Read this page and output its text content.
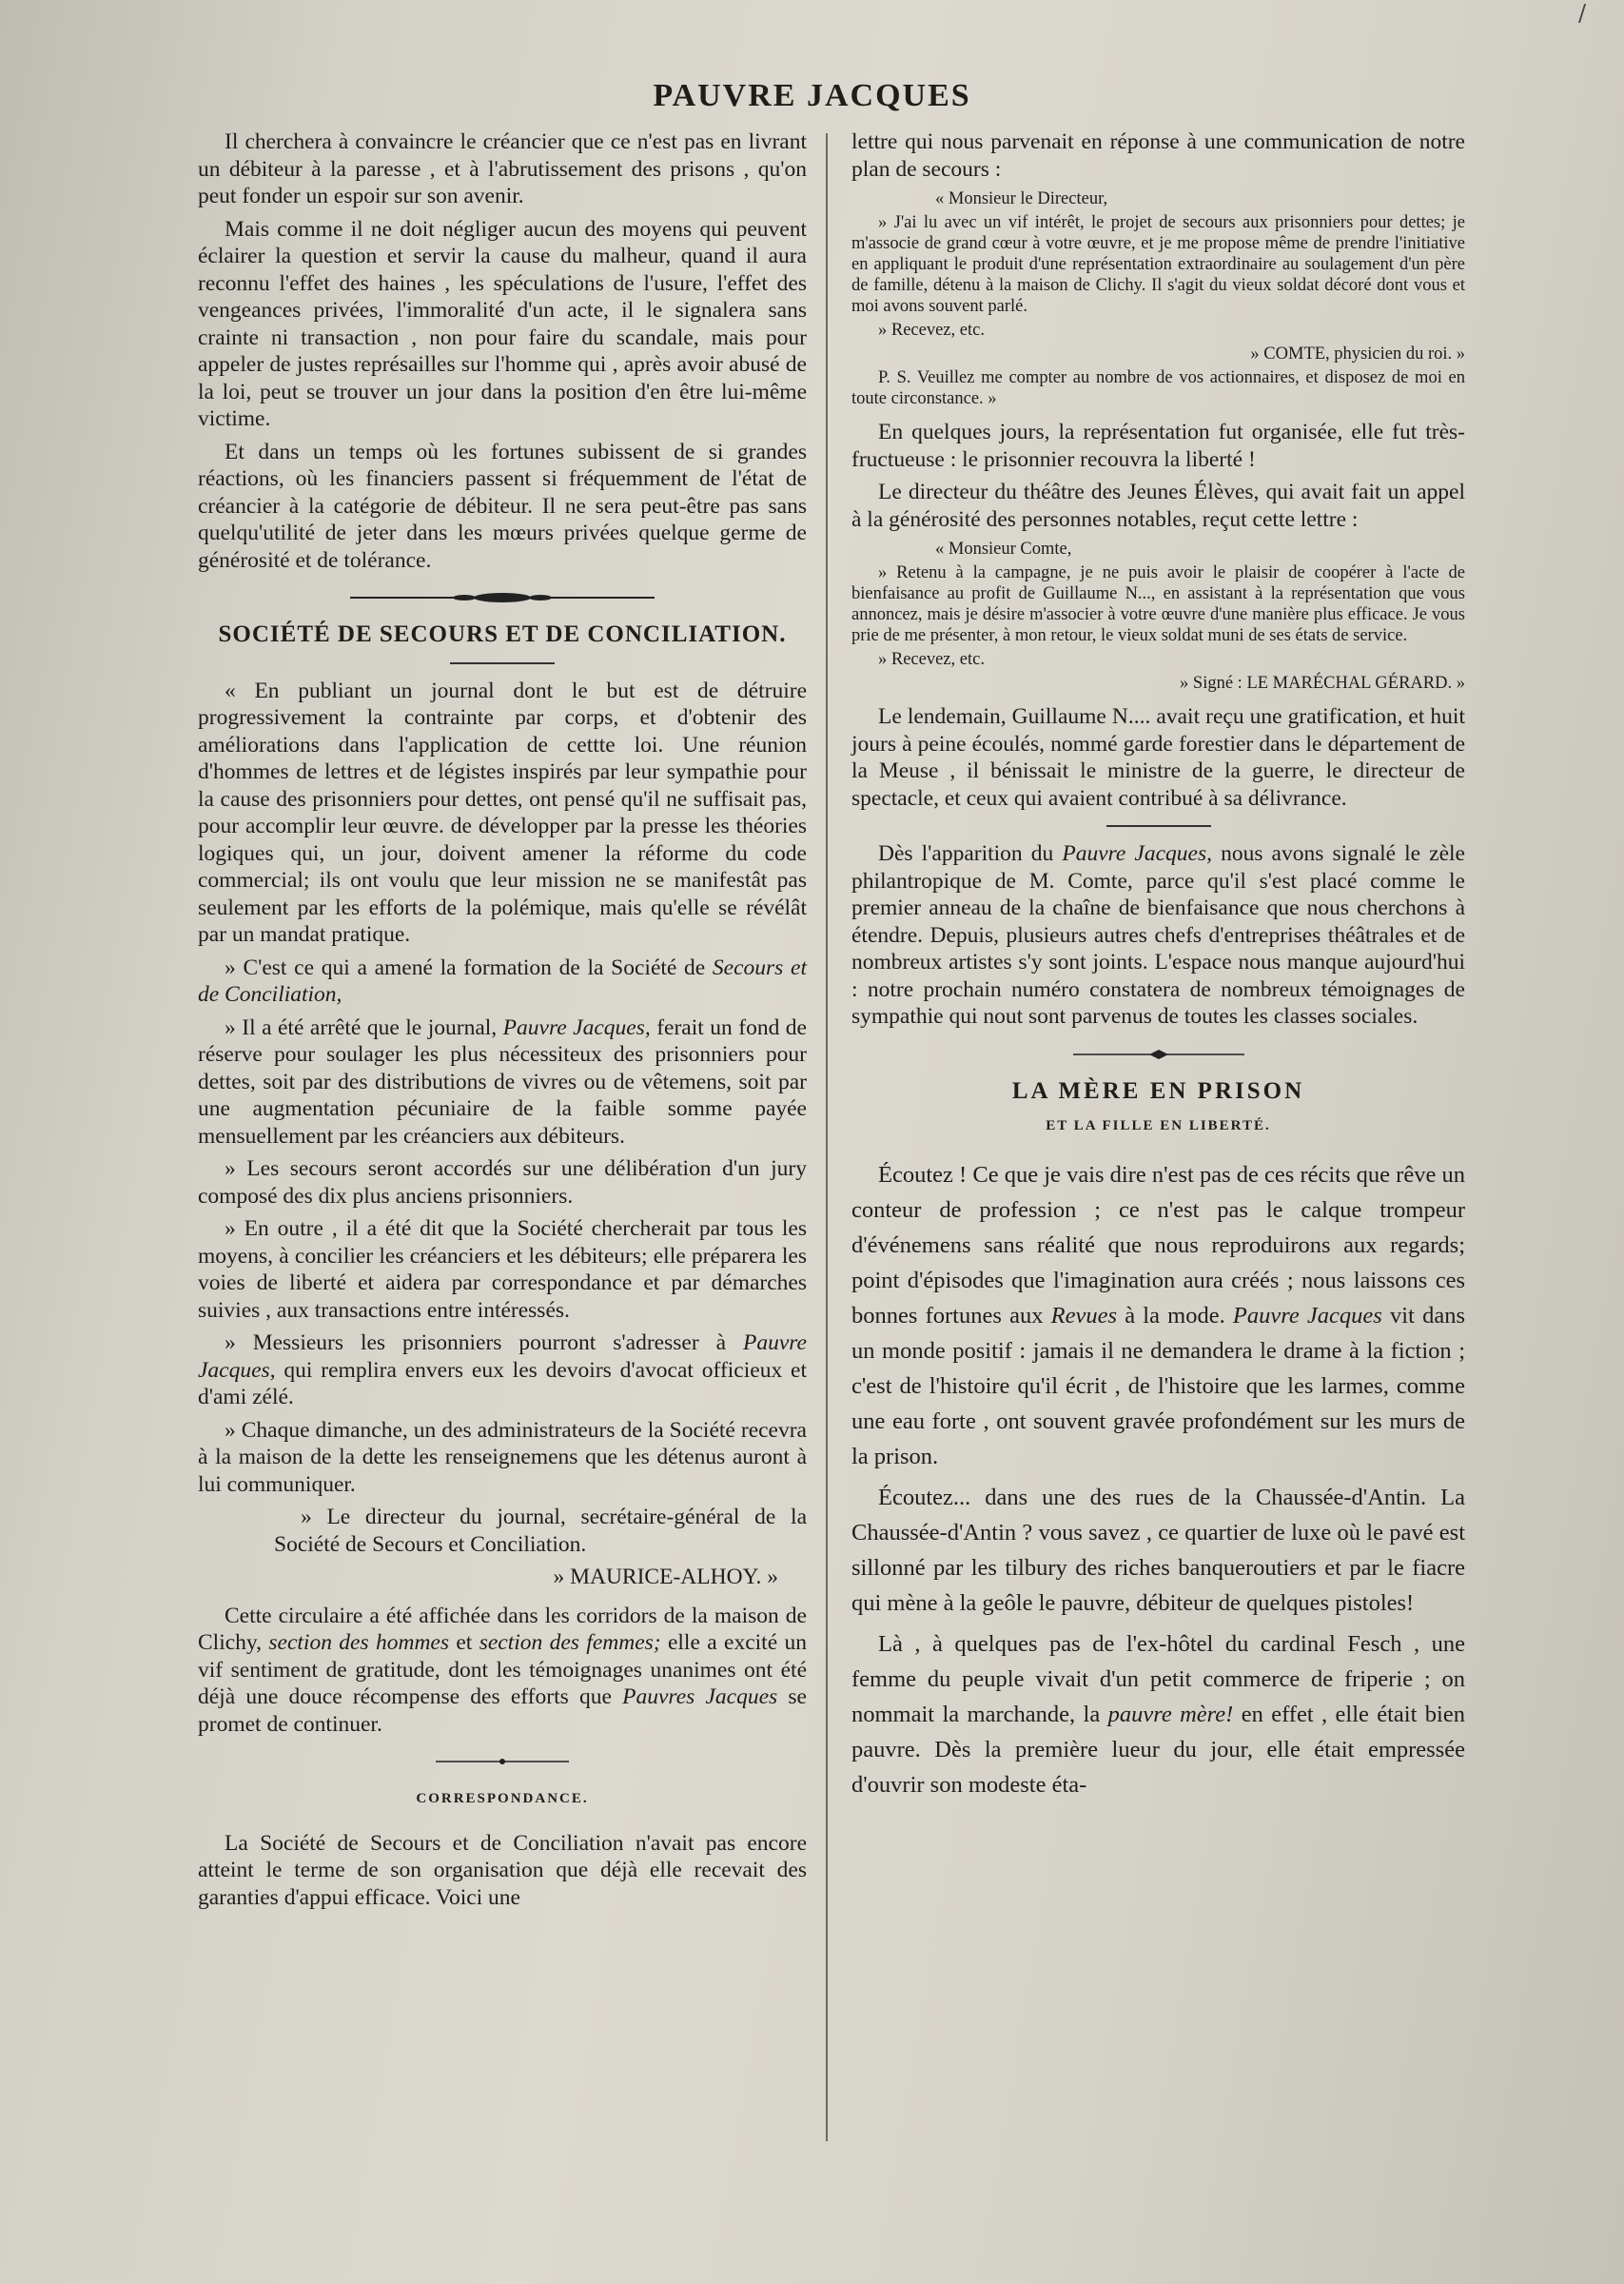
/
PAUVRE JACQUES

Il cherchera à convaincre le créancier que ce n'est pas en livrant un débiteur à la paresse , et à l'abrutissement des prisons , qu'on peut fonder un espoir sur son avenir.

Mais comme il ne doit négliger aucun des moyens qui peuvent éclairer la question et servir la cause du malheur, quand il aura reconnu l'effet des haines , les spéculations de l'usure, l'effet des vengeances privées, l'immoralité d'un acte, il le signalera sans crainte ni transaction , non pour faire du scandale, mais pour appeler de justes représailles sur l'homme qui , après avoir abusé de la loi, peut se trouver un jour dans la position d'en être lui-même victime.

Et dans un temps où les fortunes subissent de si grandes réactions, où les financiers passent si fréquemment de l'état de créancier à la catégorie de débiteur. Il ne sera peut-être pas sans quelqu'utilité de jeter dans les mœurs privées quelque germe de générosité et de tolérance.

SOCIÉTÉ DE SECOURS ET DE CONCILIATION.

« En publiant un journal dont le but est de détruire progressivement la contrainte par corps, et d'obtenir des améliorations dans l'application de cettte loi. Une réunion d'hommes de lettres et de légistes inspirés par leur sympathie pour la cause des prisonniers pour dettes, ont pensé qu'il ne suffisait pas, pour accomplir leur œuvre. de développer par la presse les théories logiques qui, un jour, doivent amener la réforme du code commercial; ils ont voulu que leur mission ne se manifestât pas seulement par les efforts de la polémique, mais qu'elle se révélât par un mandat pratique.

» C'est ce qui a amené la formation de la Société de Secours et de Conciliation,

» Il a été arrêté que le journal, Pauvre Jacques, ferait un fond de réserve pour soulager les plus nécessiteux des prisonniers pour dettes, soit par des distributions de vivres ou de vêtemens, soit par une augmentation pécuniaire de la faible somme payée mensuellement par les créanciers aux débiteurs.

» Les secours seront accordés sur une délibération d'un jury composé des dix plus anciens prisonniers.

» En outre , il a été dit que la Société chercherait par tous les moyens, à concilier les créanciers et les débiteurs; elle préparera les voies de liberté et aidera par correspondance et par démarches suivies , aux transactions entre intéressés.

» Messieurs les prisonniers pourront s'adresser à Pauvre Jacques, qui remplira envers eux les devoirs d'avocat officieux et d'ami zélé.

» Chaque dimanche, un des administrateurs de la Société recevra à la maison de la dette les renseignemens que les détenus auront à lui communiquer.

» Le directeur du journal, secrétaire-général de la Société de Secours et Conciliation.

» MAURICE-ALHOY. »

Cette circulaire a été affichée dans les corridors de la maison de Clichy, section des hommes et section des femmes; elle a excité un vif sentiment de gratitude, dont les témoignages unanimes ont été déjà une douce récompense des efforts que Pauvres Jacques se promet de continuer.

CORRESPONDANCE.

La Société de Secours et de Conciliation n'avait pas encore atteint le terme de son organisation que déjà elle recevait des garanties d'appui efficace. Voici une

lettre qui nous parvenait en réponse à une communication de notre plan de secours :

« Monsieur le Directeur,

» J'ai lu avec un vif intérêt, le projet de secours aux prisonniers pour dettes; je m'associe de grand cœur à votre œuvre, et je me propose même de prendre l'initiative en appliquant le produit d'une représentation extraordinaire au soulagement d'un père de famille, détenu à la maison de Clichy. Il s'agit du vieux soldat décoré dont vous et moi avons souvent parlé.

» Recevez, etc.

» COMTE, physicien du roi. »

P. S. Veuillez me compter au nombre de vos actionnaires, et disposez de moi en toute circonstance. »

En quelques jours, la représentation fut organisée, elle fut très-fructueuse : le prisonnier recouvra la liberté !

Le directeur du théâtre des Jeunes Élèves, qui avait fait un appel à la générosité des personnes notables, reçut cette lettre :

« Monsieur Comte,

» Retenu à la campagne, je ne puis avoir le plaisir de coopérer à l'acte de bienfaisance au profit de Guillaume N..., en assistant à la représentation que vous annoncez, mais je désire m'associer à votre œuvre d'une manière plus efficace. Je vous prie de me présenter, à mon retour, le vieux soldat muni de ses états de service.

» Recevez, etc.

» Signé : LE MARÉCHAL GÉRARD. »

Le lendemain, Guillaume N.... avait reçu une gratification, et huit jours à peine écoulés, nommé garde forestier dans le département de la Meuse , il bénissait le ministre de la guerre, le directeur de spectacle, et ceux qui avaient contribué à sa délivrance.

Dès l'apparition du Pauvre Jacques, nous avons signalé le zèle philantropique de M. Comte, parce qu'il s'est placé comme le premier anneau de la chaîne de bienfaisance que nous cherchons à étendre. Depuis, plusieurs autres chefs d'entreprises théâtrales et de nombreux artistes s'y sont joints. L'espace nous manque aujourd'hui : notre prochain numéro constatera de nombreux témoignages de sympathie qui nout sont parvenus de toutes les classes sociales.

LA MÈRE EN PRISON
ET LA FILLE EN LIBERTÉ.

Écoutez ! Ce que je vais dire n'est pas de ces récits que rêve un conteur de profession ; ce n'est pas le calque trompeur d'événemens sans réalité que nous reproduirons aux regards; point d'épisodes que l'imagination aura créés ; nous laissons ces bonnes fortunes aux Revues à la mode. Pauvre Jacques vit dans un monde positif : jamais il ne demandera le drame à la fiction ; c'est de l'histoire qu'il écrit , de l'histoire que les larmes, comme une eau forte , ont souvent gravée profondément sur les murs de la prison.

Écoutez... dans une des rues de la Chaussée-d'Antin. La Chaussée-d'Antin ? vous savez , ce quartier de luxe où le pavé est sillonné par les tilbury des riches banqueroutiers et par le fiacre qui mène à la geôle le pauvre, débiteur de quelques pistoles!

Là , à quelques pas de l'ex-hôtel du cardinal Fesch , une femme du peuple vivait d'un petit commerce de friperie ; on nommait la marchande, la pauvre mère! en effet , elle était bien pauvre. Dès la première lueur du jour, elle était empressée d'ouvrir son modeste éta-
